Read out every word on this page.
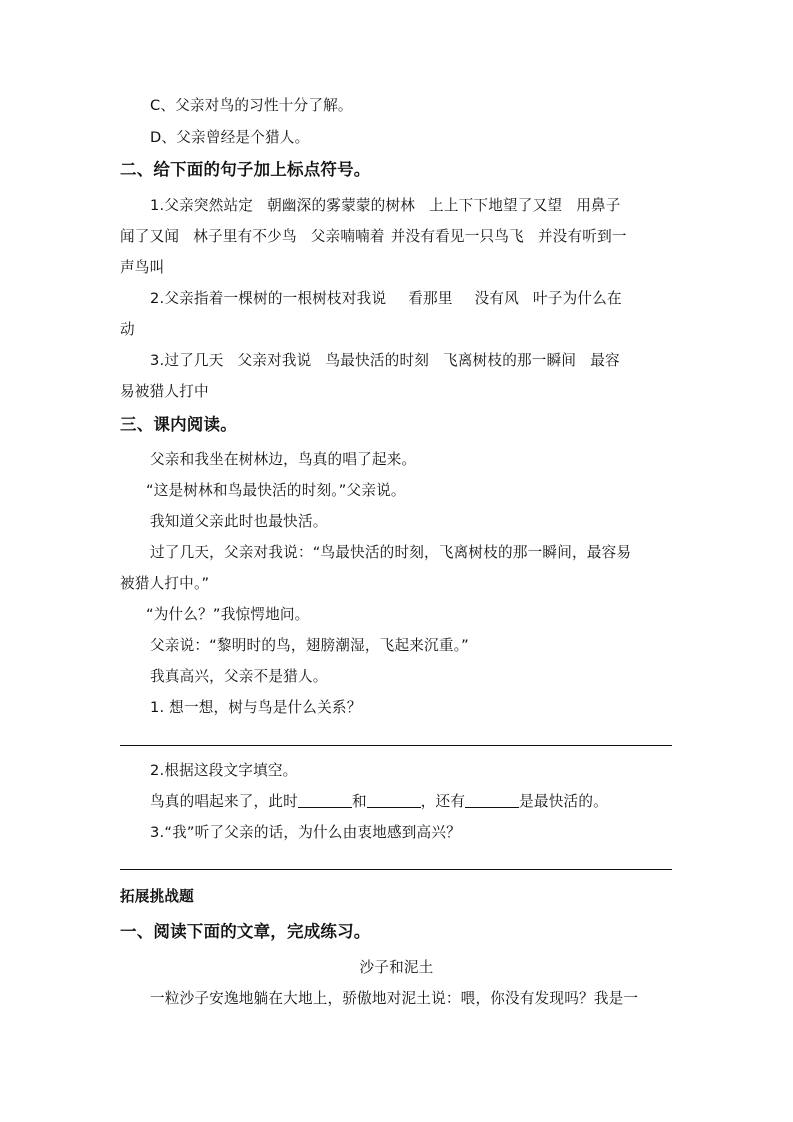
C、父亲对鸟的习性十分了解。
D、父亲曾经是个猎人。
二、给下面的句子加上标点符号。
1.父亲突然站定 朝幽深的雾蒙蒙的树林 上上下下地望了又望 用鼻子
闻了又闻 林子里有不少鸟 父亲喃喃着 并没有看见一只鸟飞 并没有听到一
声鸟叫
2.父亲指着一棵树的一根树枝对我说 看那里 没有风 叶子为什么在
动
3.过了几天 父亲对我说 鸟最快活的时刻 飞离树枝的那一瞬间 最容
易被猎人打中
三、课内阅读。
父亲和我坐在树林边，鸟真的唱了起来。
“这是树林和鸟最快活的时刻。”父亲说。
我知道父亲此时也最快活。
过了几天，父亲对我说：“鸟最快活的时刻，飞离树枝的那一瞬间，最容易
被猎人打中。”
“为什么？”我惊愕地问。
父亲说：“黎明时的鸟，翅膀潮湿，飞起来沉重。”
我真高兴，父亲不是猎人。
1. 想一想，树与鸟是什么关系？
2.根据这段文字填空。
鸟真的唱起来了，此时	和	，还有	是最快活的。
3.“我”听了父亲的话，为什么由衷地感到高兴？
拓展挑战题
一、阅读下面的文章，完成练习。
沙子和泥土
一粒沙子安逸地躺在大地上，骄傲地对泥土说：喂，你没有发现吗？我是一
